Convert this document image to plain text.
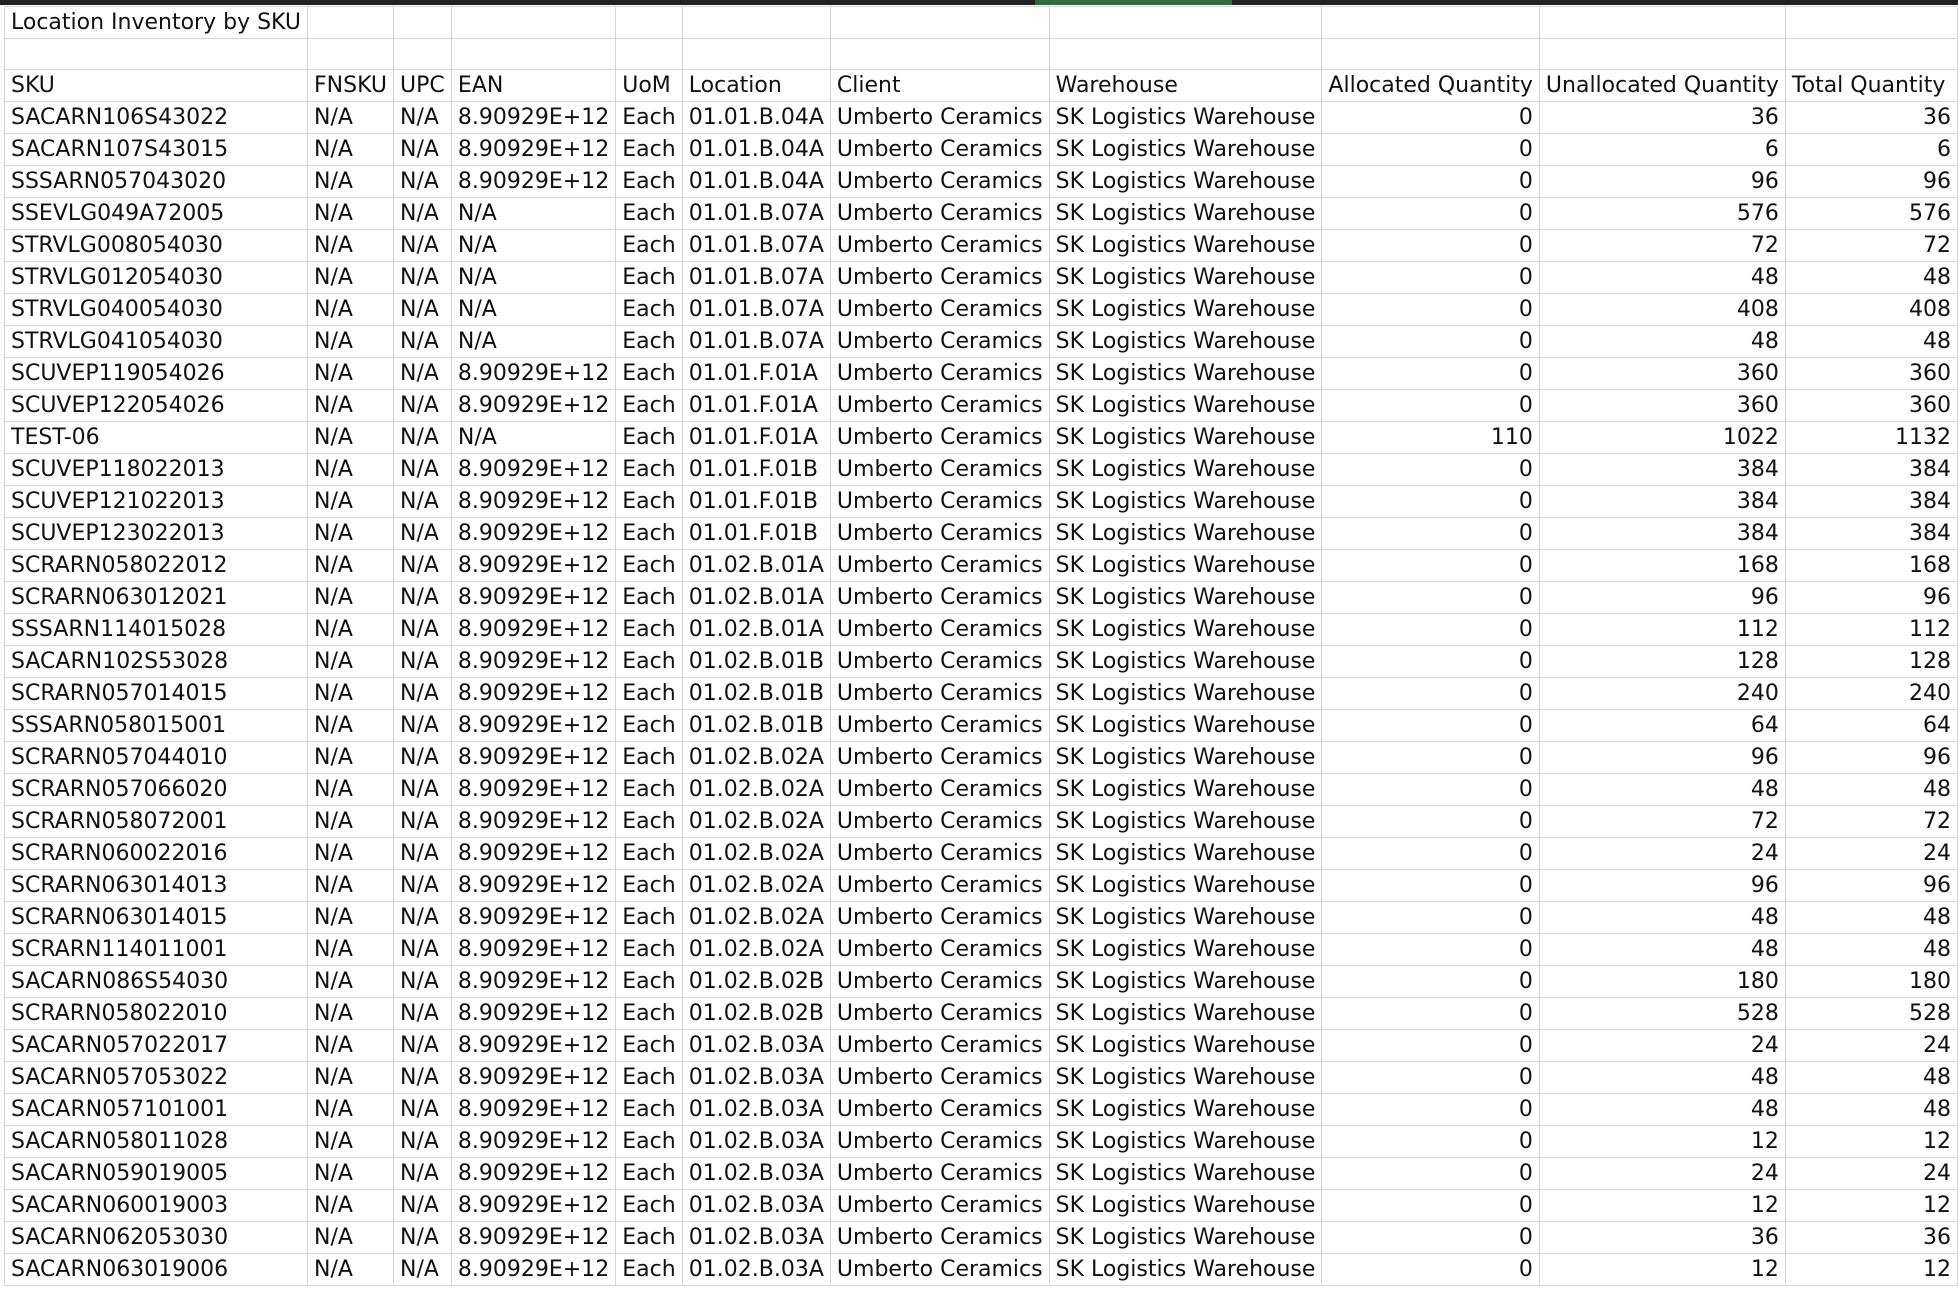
Location Inventory by SKU										

SKU	FNSKU	UPC	EAN	UoM	Location	Client	Warehouse	Allocated Quantity	Unallocated Quantity	Total Quantity
SACARN106S43022	N/A	N/A	8.90929E+12	Each	01.01.B.04A	Umberto Ceramics	SK Logistics Warehouse	0	36	36
SACARN107S43015	N/A	N/A	8.90929E+12	Each	01.01.B.04A	Umberto Ceramics	SK Logistics Warehouse	0	6	6
SSSARN057043020	N/A	N/A	8.90929E+12	Each	01.01.B.04A	Umberto Ceramics	SK Logistics Warehouse	0	96	96
SSEVLG049A72005	N/A	N/A	N/A	Each	01.01.B.07A	Umberto Ceramics	SK Logistics Warehouse	0	576	576
STRVLG008054030	N/A	N/A	N/A	Each	01.01.B.07A	Umberto Ceramics	SK Logistics Warehouse	0	72	72
STRVLG012054030	N/A	N/A	N/A	Each	01.01.B.07A	Umberto Ceramics	SK Logistics Warehouse	0	48	48
STRVLG040054030	N/A	N/A	N/A	Each	01.01.B.07A	Umberto Ceramics	SK Logistics Warehouse	0	408	408
STRVLG041054030	N/A	N/A	N/A	Each	01.01.B.07A	Umberto Ceramics	SK Logistics Warehouse	0	48	48
SCUVEP119054026	N/A	N/A	8.90929E+12	Each	01.01.F.01A	Umberto Ceramics	SK Logistics Warehouse	0	360	360
SCUVEP122054026	N/A	N/A	8.90929E+12	Each	01.01.F.01A	Umberto Ceramics	SK Logistics Warehouse	0	360	360
TEST-06	N/A	N/A	N/A	Each	01.01.F.01A	Umberto Ceramics	SK Logistics Warehouse	110	1022	1132
SCUVEP118022013	N/A	N/A	8.90929E+12	Each	01.01.F.01B	Umberto Ceramics	SK Logistics Warehouse	0	384	384
SCUVEP121022013	N/A	N/A	8.90929E+12	Each	01.01.F.01B	Umberto Ceramics	SK Logistics Warehouse	0	384	384
SCUVEP123022013	N/A	N/A	8.90929E+12	Each	01.01.F.01B	Umberto Ceramics	SK Logistics Warehouse	0	384	384
SCRARN058022012	N/A	N/A	8.90929E+12	Each	01.02.B.01A	Umberto Ceramics	SK Logistics Warehouse	0	168	168
SCRARN063012021	N/A	N/A	8.90929E+12	Each	01.02.B.01A	Umberto Ceramics	SK Logistics Warehouse	0	96	96
SSSARN114015028	N/A	N/A	8.90929E+12	Each	01.02.B.01A	Umberto Ceramics	SK Logistics Warehouse	0	112	112
SACARN102S53028	N/A	N/A	8.90929E+12	Each	01.02.B.01B	Umberto Ceramics	SK Logistics Warehouse	0	128	128
SCRARN057014015	N/A	N/A	8.90929E+12	Each	01.02.B.01B	Umberto Ceramics	SK Logistics Warehouse	0	240	240
SSSARN058015001	N/A	N/A	8.90929E+12	Each	01.02.B.01B	Umberto Ceramics	SK Logistics Warehouse	0	64	64
SCRARN057044010	N/A	N/A	8.90929E+12	Each	01.02.B.02A	Umberto Ceramics	SK Logistics Warehouse	0	96	96
SCRARN057066020	N/A	N/A	8.90929E+12	Each	01.02.B.02A	Umberto Ceramics	SK Logistics Warehouse	0	48	48
SCRARN058072001	N/A	N/A	8.90929E+12	Each	01.02.B.02A	Umberto Ceramics	SK Logistics Warehouse	0	72	72
SCRARN060022016	N/A	N/A	8.90929E+12	Each	01.02.B.02A	Umberto Ceramics	SK Logistics Warehouse	0	24	24
SCRARN063014013	N/A	N/A	8.90929E+12	Each	01.02.B.02A	Umberto Ceramics	SK Logistics Warehouse	0	96	96
SCRARN063014015	N/A	N/A	8.90929E+12	Each	01.02.B.02A	Umberto Ceramics	SK Logistics Warehouse	0	48	48
SCRARN114011001	N/A	N/A	8.90929E+12	Each	01.02.B.02A	Umberto Ceramics	SK Logistics Warehouse	0	48	48
SACARN086S54030	N/A	N/A	8.90929E+12	Each	01.02.B.02B	Umberto Ceramics	SK Logistics Warehouse	0	180	180
SCRARN058022010	N/A	N/A	8.90929E+12	Each	01.02.B.02B	Umberto Ceramics	SK Logistics Warehouse	0	528	528
SACARN057022017	N/A	N/A	8.90929E+12	Each	01.02.B.03A	Umberto Ceramics	SK Logistics Warehouse	0	24	24
SACARN057053022	N/A	N/A	8.90929E+12	Each	01.02.B.03A	Umberto Ceramics	SK Logistics Warehouse	0	48	48
SACARN057101001	N/A	N/A	8.90929E+12	Each	01.02.B.03A	Umberto Ceramics	SK Logistics Warehouse	0	48	48
SACARN058011028	N/A	N/A	8.90929E+12	Each	01.02.B.03A	Umberto Ceramics	SK Logistics Warehouse	0	12	12
SACARN059019005	N/A	N/A	8.90929E+12	Each	01.02.B.03A	Umberto Ceramics	SK Logistics Warehouse	0	24	24
SACARN060019003	N/A	N/A	8.90929E+12	Each	01.02.B.03A	Umberto Ceramics	SK Logistics Warehouse	0	12	12
SACARN062053030	N/A	N/A	8.90929E+12	Each	01.02.B.03A	Umberto Ceramics	SK Logistics Warehouse	0	36	36
SACARN063019006	N/A	N/A	8.90929E+12	Each	01.02.B.03A	Umberto Ceramics	SK Logistics Warehouse	0	12	12
